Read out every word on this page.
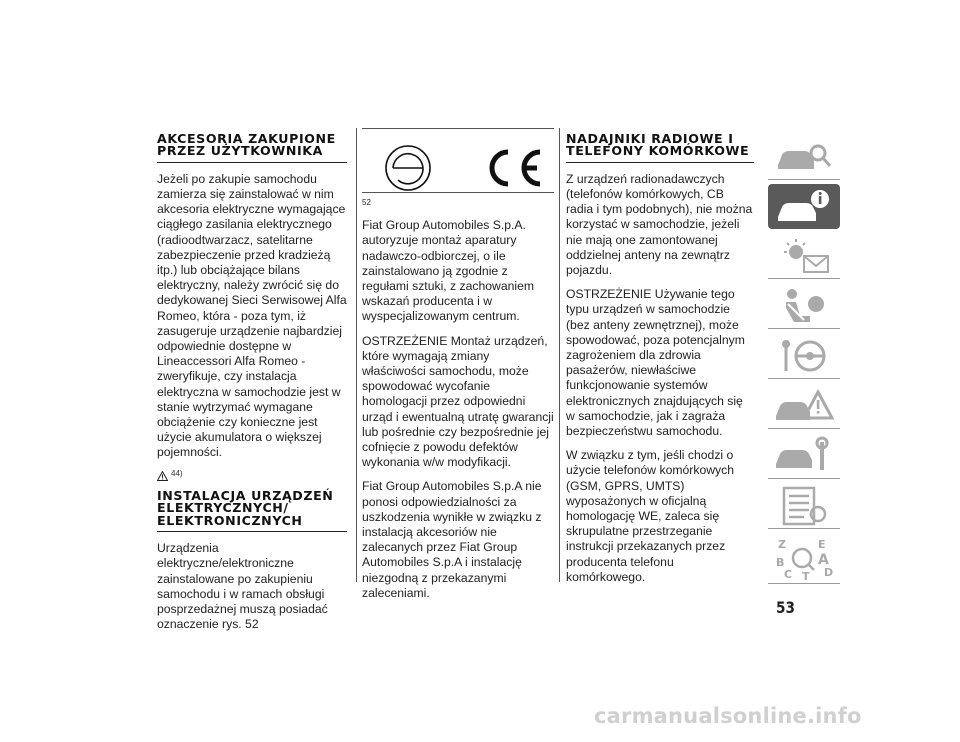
AKCESORIA ZAKUPIONE PRZEZ UŻYTKOWNIKA

Jeżeli po zakupie samochodu zamierza się zainstalować w nim akcesoria elektryczne wymagające ciągłego zasilania elektrycznego (radioodtwarzacz, satelitarne zabezpieczenie przed kradzieżą itp.) lub obciążające bilans elektryczny, należy zwrócić się do dedykowanej Sieci Serwisowej Alfa Romeo, która - poza tym, iż zasugeruje urządzenie najbardziej odpowiednie dostępne w Lineaccessori Alfa Romeo - zweryfikuje, czy instalacja elektryczna w samochodzie jest w stanie wytrzymać wymagane obciążenie czy konieczne jest użycie akumulatora o większej pojemności.

44)
INSTALACJA URZĄDZEŃ ELEKTRYCZNYCH/ ELEKTRONICZNYCH

Urządzenia elektryczne/elektroniczne zainstalowane po zakupieniu samochodu i w ramach obsługi posprzedażnej muszą posiadać oznaczenie rys. 52

52

Fiat Group Automobiles S.p.A. autoryzuje montaż aparatury nadawczo-odbiorczej, o ile zainstalowano ją zgodnie z regułami sztuki, z zachowaniem wskazań producenta i w wyspecjalizowanym centrum.

OSTRZEŻENIE Montaż urządzeń, które wymagają zmiany właściwości samochodu, może spowodować wycofanie homologacji przez odpowiedni urząd i ewentualną utratę gwarancji lub pośrednie czy bezpośrednie jej cofnięcie z powodu defektów wykonania w/w modyfikacji.

Fiat Group Automobiles S.p.A nie ponosi odpowiedzialności za uszkodzenia wynikłe w związku z instalacją akcesoriów nie zalecanych przez Fiat Group Automobiles S.p.A i instalację niezgodną z przekazanymi zaleceniami.

NADAJNIKI RADIOWE I TELEFONY KOMÓRKOWE

Z urządzeń radionadawczych (telefonów komórkowych, CB radia i tym podobnych), nie można korzystać w samochodzie, jeżeli nie mają one zamontowanej oddzielnej anteny na zewnątrz pojazdu.

OSTRZEŻENIE Używanie tego typu urządzeń w samochodzie (bez anteny zewnętrznej), może spowodować, poza potencjalnym zagrożeniem dla zdrowia pasażerów, niewłaściwe funkcjonowanie systemów elektronicznych znajdujących się w samochodzie, jak i zagraża bezpieczeństwu samochodu.

W związku z tym, jeśli chodzi o użycie telefonów komórkowych (GSM, GPRS, UMTS) wyposażonych w oficjalną homologację WE, zaleca się skrupulatne przestrzeganie instrukcji przekazanych przez producenta telefonu komórkowego.

Z	E
B A
C T D
53
carmanualsonline.info
